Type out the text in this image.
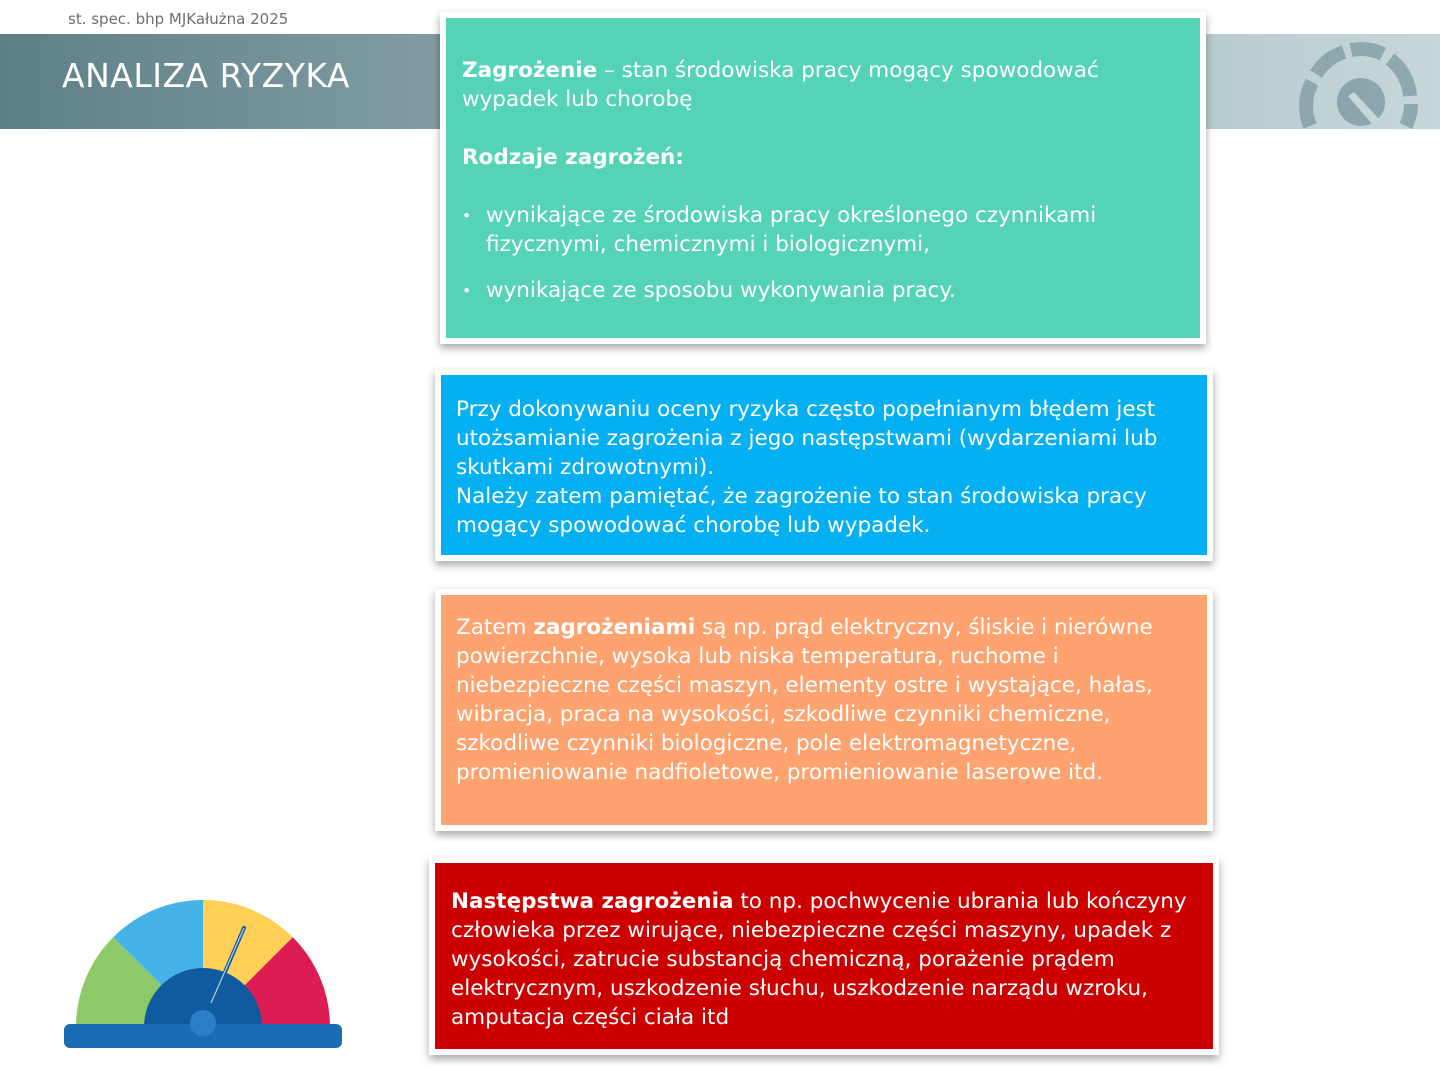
st. spec. bhp MJKałużna 2025
ANALIZA RYZYKA	Zagrożenie – stan środowiska pracy mogący spowodować wypadek lub chorobę

Rodzaje zagrożeń:

• wynikające ze środowiska pracy określonego czynnikami fizycznymi, chemicznymi i biologicznymi,
• wynikające ze sposobu wykonywania pracy.

Przy dokonywaniu oceny ryzyka często popełnianym błędem jest utożsamianie zagrożenia z jego następstwami (wydarzeniami lub skutkami zdrowotnymi).

Należy zatem pamiętać, że zagrożenie to stan środowiska pracy mogący spowodować chorobę lub wypadek.

Zatem zagrożeniami są np. prąd elektryczny, śliskie i nierówne powierzchnie, wysoka lub niska temperatura, ruchome i niebezpieczne części maszyn, elementy ostre i wystające, hałas, wibracja, praca na wysokości, szkodliwe czynniki chemiczne, szkodliwe czynniki biologiczne, pole elektromagnetyczne, promieniowanie nadfioletowe, promieniowanie laserowe itd.

Następstwa zagrożenia to np. pochwycenie ubrania lub kończyny człowieka przez wirujące, niebezpieczne części maszyny, upadek z wysokości, zatrucie substancją chemiczną, porażenie prądem elektrycznym, uszkodzenie słuchu, uszkodzenie narządu wzroku, amputacja części ciała itd
